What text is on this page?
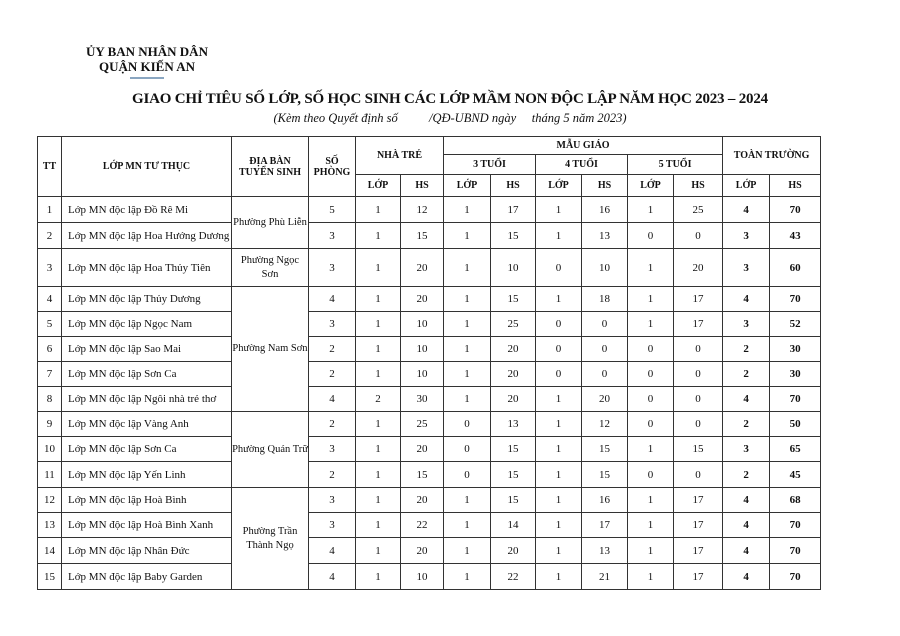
ỦY BAN NHÂN DÂN
QUẬN KIẾN AN
GIAO CHỈ TIÊU SỐ LỚP, SỐ HỌC SINH CÁC LỚP MẦM NON ĐỘC LẬP NĂM HỌC 2023 – 2024
(Kèm theo Quyết định số          /QĐ-UBND ngày     tháng 5 năm 2023)
TT	LỚP MN TƯ THỤC	ĐỊA BÀN TUYỂN SINH	SỐ PHÒNG	NHÀ TRẺ		MẪU GIÁO						TOÀN TRƯỜNG	
						3 TUỔI		4 TUỔI		5 TUỔI			
				LỚP	HS	LỚP	HS	LỚP	HS	LỚP	HS	LỚP	HS
1	Lớp MN độc lập Đồ Rê Mi	Phường Phù Liễn	5	1	12	1	17	1	16	1	25	4	70
2	Lớp MN độc lập Hoa Hướng Dương		3	1	15	1	15	1	13	0	0	3	43
3	Lớp MN độc lập Hoa Thủy Tiên	Phường Ngọc Sơn	3	1	20	1	10	0	10	1	20	3	60
4	Lớp MN độc lập Thủy Dương	Phường Nam Sơn	4	1	20	1	15	1	18	1	17	4	70
5	Lớp MN độc lập Ngọc Nam		3	1	10	1	25	0	0	1	17	3	52
6	Lớp MN độc lập Sao Mai		2	1	10	1	20	0	0	0	0	2	30
7	Lớp MN độc lập Sơn Ca		2	1	10	1	20	0	0	0	0	2	30
8	Lớp MN độc lập Ngôi nhà trẻ thơ		4	2	30	1	20	1	20	0	0	4	70
9	Lớp MN độc lập Vàng Anh	Phường Quán Trữ	2	1	25	0	13	1	12	0	0	2	50
10	Lớp MN độc lập Sơn Ca		3	1	20	0	15	1	15	1	15	3	65
11	Lớp MN độc lập Yến Linh		2	1	15	0	15	1	15	0	0	2	45
12	Lớp MN độc lập Hoà Bình	Phường Trần Thành Ngọ	3	1	20	1	15	1	16	1	17	4	68
13	Lớp MN độc lập Hoà Bình Xanh		3	1	22	1	14	1	17	1	17	4	70
14	Lớp MN độc lập Nhân Đức		4	1	20	1	20	1	13	1	17	4	70
15	Lớp MN độc lập Baby Garden		4	1	10	1	22	1	21	1	17	4	70
